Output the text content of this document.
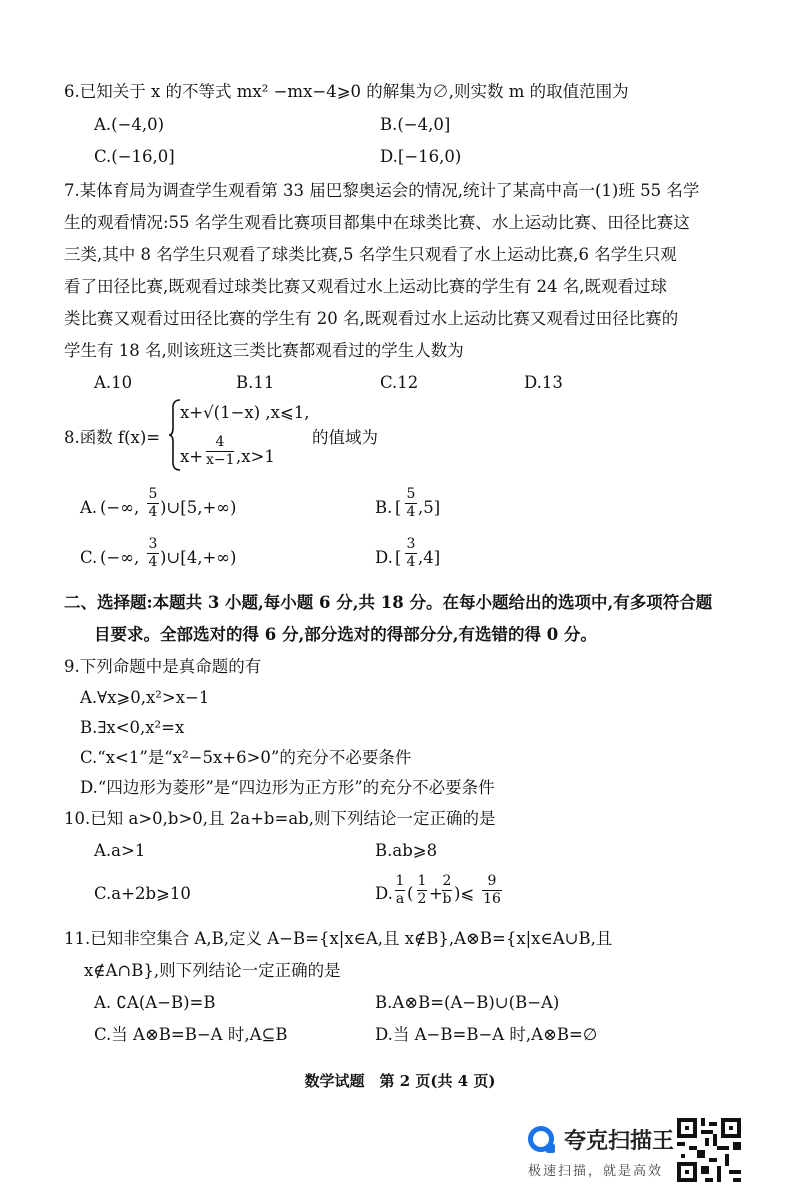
6.已知关于 x 的不等式 mx² −mx−4⩾0 的解集为∅,则实数 m 的取值范围为
A.(−4,0)	B.(−4,0]
C.(−16,0]	D.[−16,0)
7.某体育局为调查学生观看第 33 届巴黎奥运会的情况,统计了某高中高一(1)班 55 名学
生的观看情况:55 名学生观看比赛项目都集中在球类比赛、水上运动比赛、田径比赛这
三类,其中 8 名学生只观看了球类比赛,5 名学生只观看了水上运动比赛,6 名学生只观
看了田径比赛,既观看过球类比赛又观看过水上运动比赛的学生有 24 名,既观看过球
类比赛又观看过田径比赛的学生有 20 名,既观看过水上运动比赛又观看过田径比赛的
学生有 18 名,则该班这三类比赛都观看过的学生人数为
A.10	B.11	C.12	D.13
8.函数 f(x)=
x+√(1−x) ,x⩽1,
$x+ \frac{4}{x-1} ,x>1$
的值域为
A. (−∞, $\frac{5}{4}$ )∪[5,+∞)	B. [ $\frac{5}{4} ,5$]
C. (−∞, $\frac{3}{4}$ )∪[4,+∞)	D. [ $\frac{3}{4} ,4$]
二、选择题:本题共 3 小题,每小题 6 分,共 18 分。在每小题给出的选项中,有多项符合题
目要求。全部选对的得 6 分,部分选对的得部分分,有选错的得 0 分。
9.下列命题中是真命题的有
A.∀x⩾0,x²>x−1
B.∃x<0,x²=x
C.“x<1”是“x²−5x+6>0”的充分不必要条件
D.“四边形为菱形”是“四边形为正方形”的充分不必要条件
10.已知 a>0,b>0,且 2a+b=ab,则下列结论一定正确的是
A.a>1	B.ab⩾8
C.a+2b⩾10	D. $\frac{1}{a}$ ( $\frac{1}{2} + \frac{2}{b}$ )⩽ $\frac{9}{16}$
11.已知非空集合 A,B,定义 A−B={x|x∈A,且 x∉B},A⊗B={x|x∈A∪B,且
x∉A∩B},则下列结论一定正确的是
A. ∁A(A−B)=B	B.A⊗B=(A−B)∪(B−A)
C.当 A⊗B=B−A 时,A⊆B	D.当 A−B=B−A 时,A⊗B=∅
数学试题　第 2 页(共 4 页)
夸克扫描王
极速扫描，就是高效
